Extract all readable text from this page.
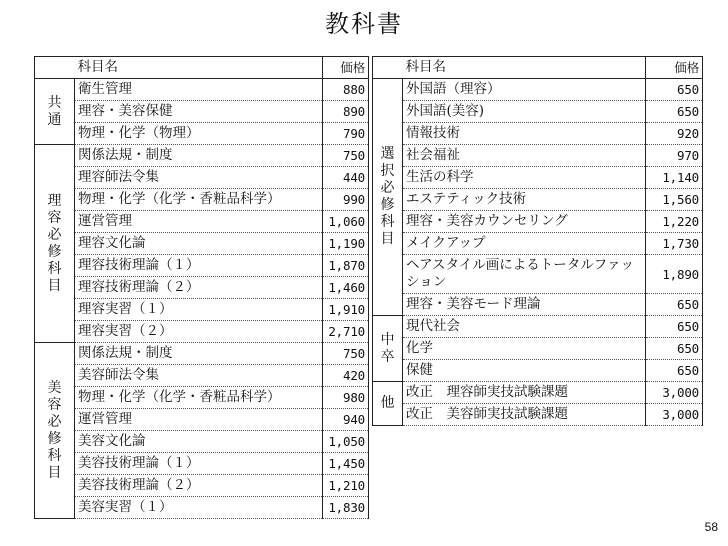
教科書
	科目名	価格
共通	衛生管理	880
	理容・美容保健	890
	物理・化学（物理）	790
理容必修科目	関係法規・制度	750
	理容師法令集	440
	物理・化学（化学・香粧品科学）	990
	運営管理	1,060
	理容文化論	1,190
	理容技術理論（１）	1,870
	理容技術理論（２）	1,460
	理容実習（１）	1,910
	理容実習（２）	2,710
美容必修科目	関係法規・制度	750
	美容師法令集	420
	物理・化学（化学・香粧品科学）	980
	運営管理	940
	美容文化論	1,050
	美容技術理論（１）	1,450
	美容技術理論（２）	1,210
	美容実習（１）	1,830
	科目名	価格
選択必修科目	外国語（理容）	650
	外国語(美容)	650
	情報技術	920
	社会福祉	970
	生活の科学	1,140
	エステティック技術	1,560
	理容・美容カウンセリング	1,220
	メイクアップ	1,730
	ヘアスタイル画によるトータルファッション	1,890
	理容・美容モード理論	650
中卒	現代社会	650
	化学	650
	保健	650
他	改正　理容師実技試験課題	3,000
	改正　美容師実技試験課題	3,000
58
